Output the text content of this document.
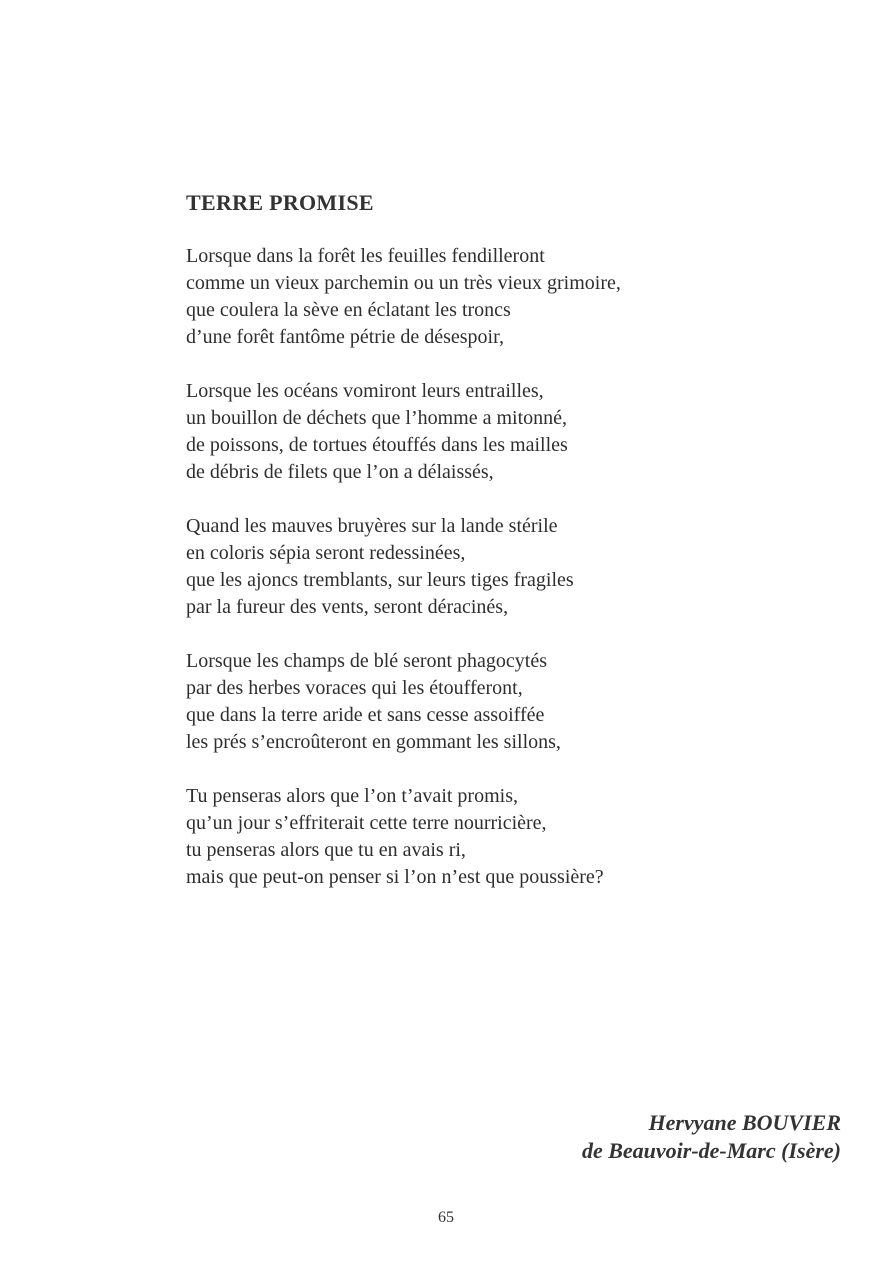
TERRE PROMISE
Lorsque dans la forêt les feuilles fendilleront
comme un vieux parchemin ou un très vieux grimoire,
que coulera la sève en éclatant les troncs
d’une forêt fantôme pétrie de désespoir,
Lorsque les océans vomiront leurs entrailles,
un bouillon de déchets que l’homme a mitonné,
de poissons, de tortues étouffés dans les mailles
de débris de filets que l’on a délaissés,
Quand les mauves bruyères sur la lande stérile
en coloris sépia seront redessinées,
que les ajoncs tremblants, sur leurs tiges fragiles
par la fureur des vents, seront déracinés,
Lorsque les champs de blé seront phagocytés
par des herbes voraces qui les étoufferont,
que dans la terre aride et sans cesse assoiffée
les prés s’encroûteront en gommant les sillons,
Tu penseras alors que l’on t’avait promis,
qu’un jour s’effriterait cette terre nourricière,
tu penseras alors que tu en avais ri,
mais que peut-on penser si l’on n’est que poussière?
Hervyane BOUVIER
de Beauvoir-de-Marc (Isère)
65
